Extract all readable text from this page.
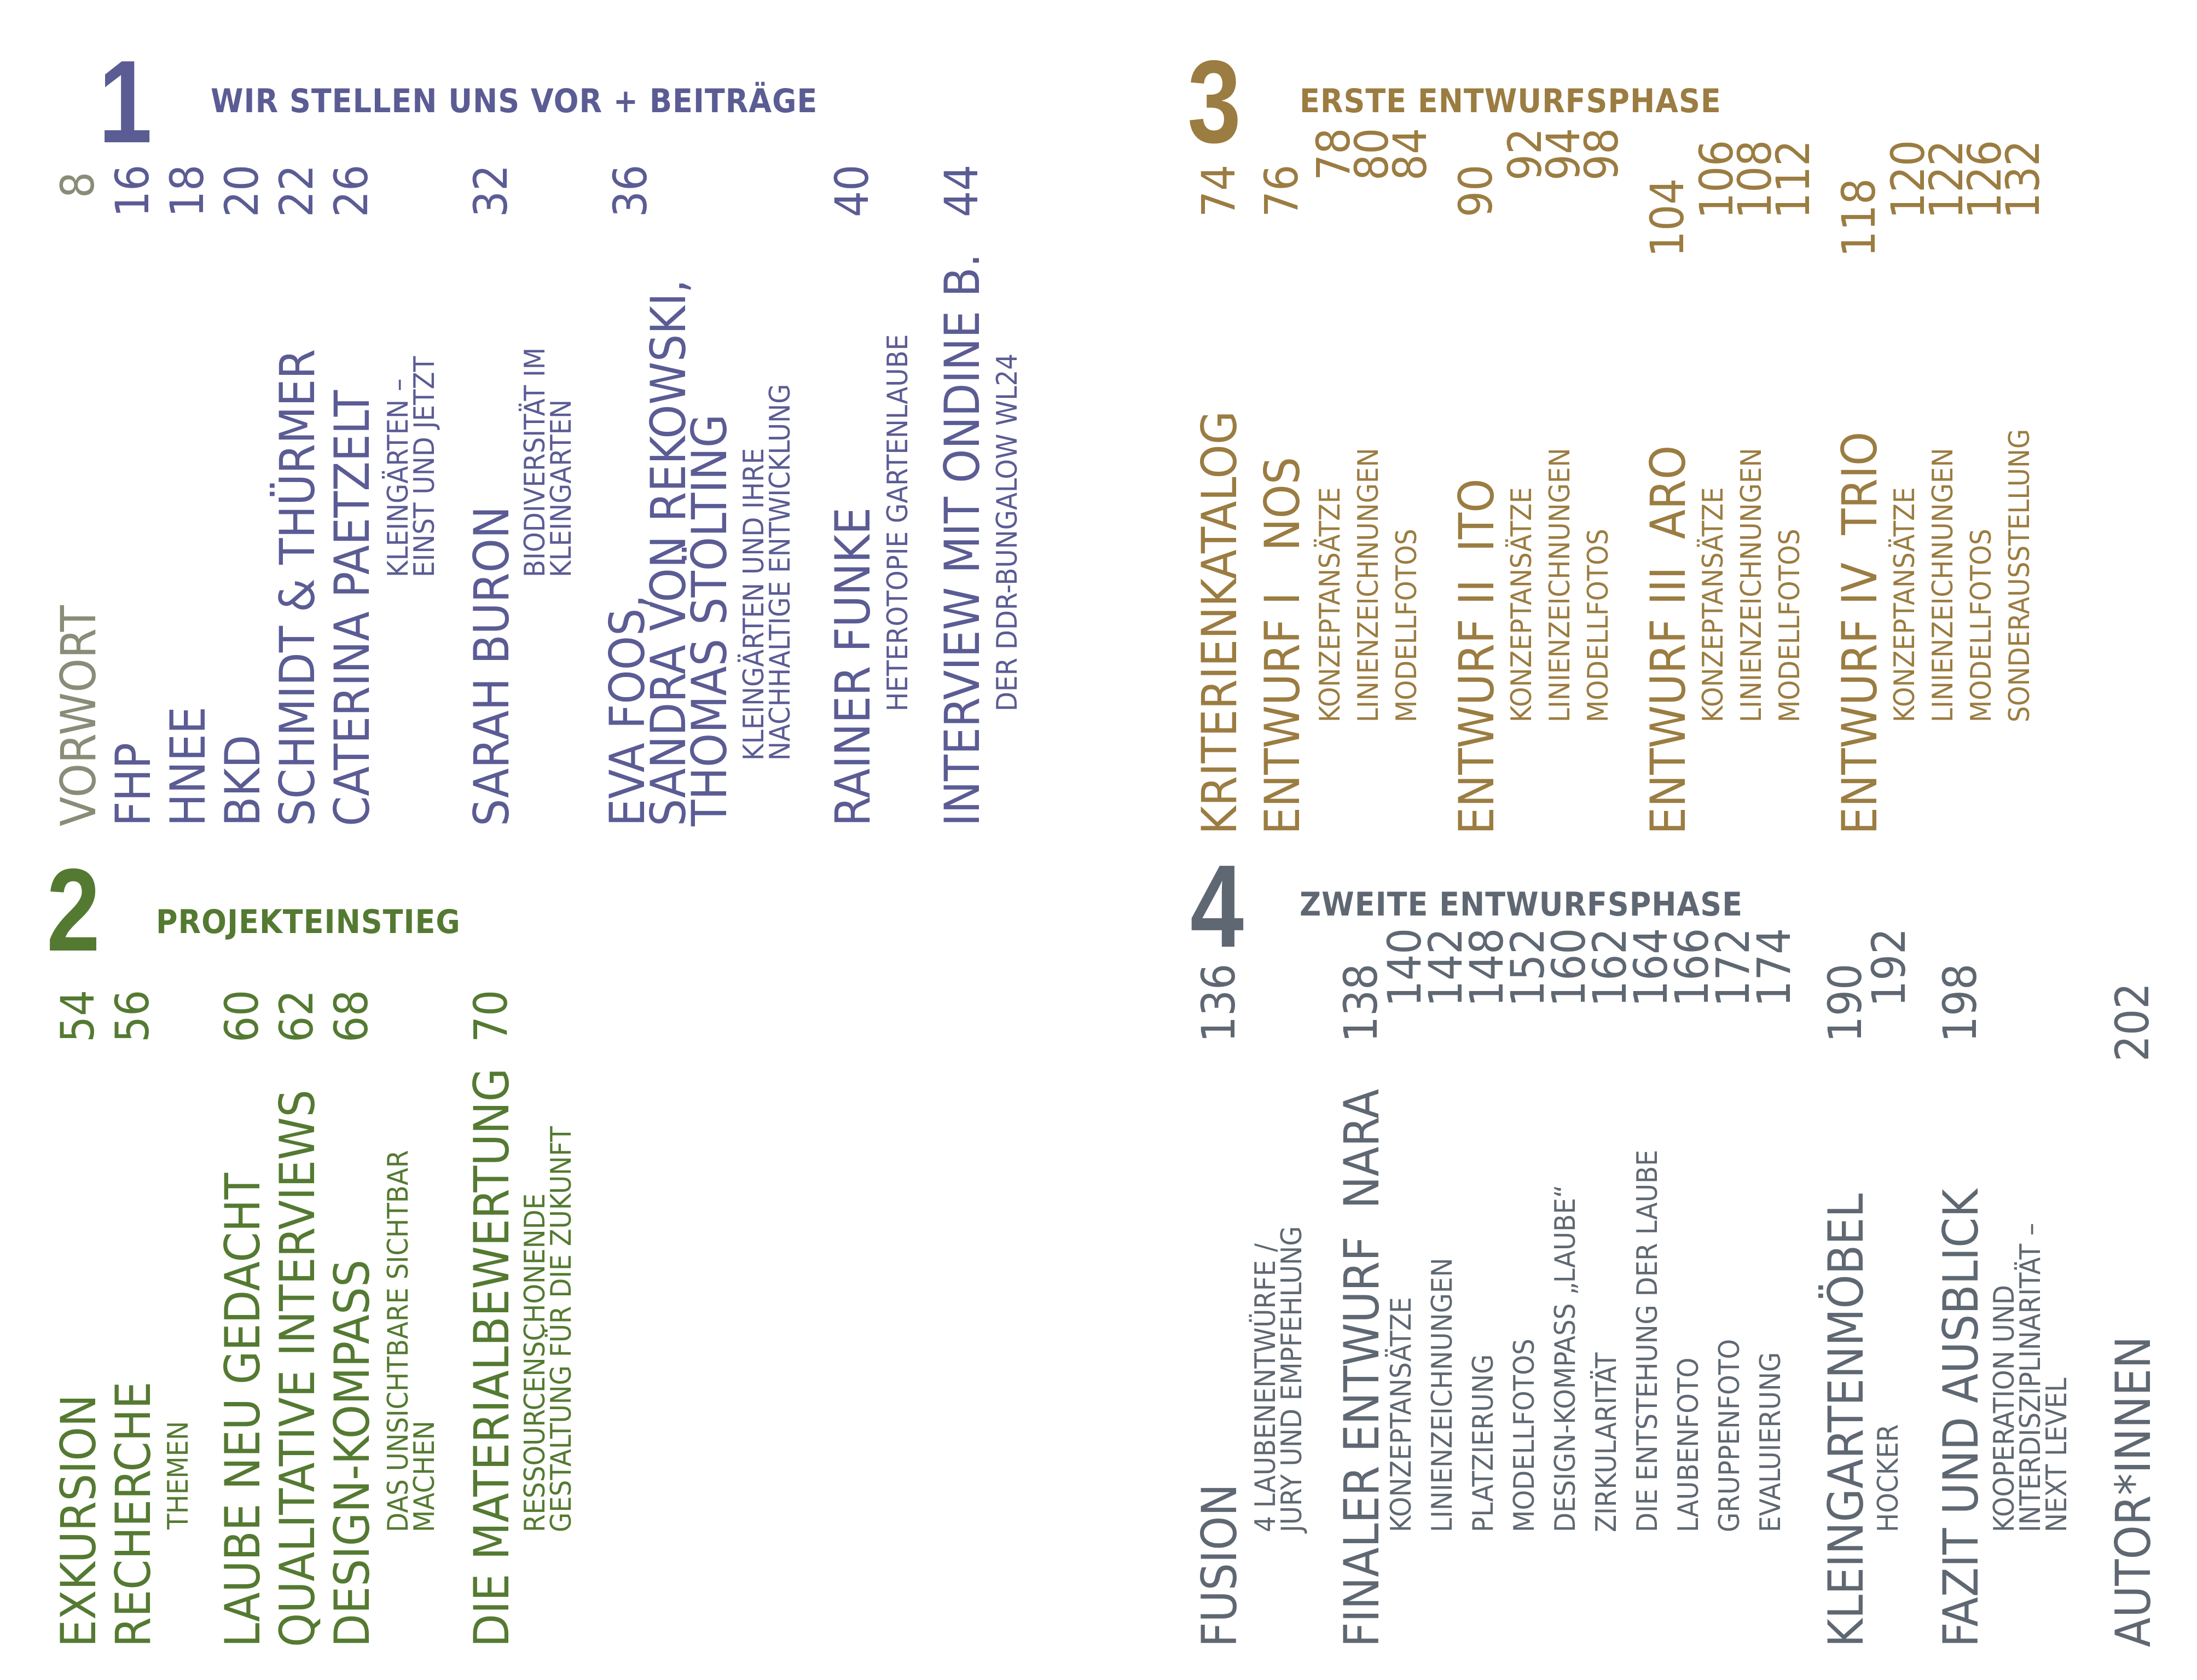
1 WIR STELLEN UNS VOR + BEITRÄGE
8 16 18 20 22 26 32 36	40 44
VORWORT
FHP
HNEE
BKD
SCHMIDT & THÜRMER
CATERINA PAETZELT KLEINGÄRTEN –
EINST UND JETZT
SARAH BURON
BIODIVERSITÄT IM
KLEINGARTEN
EVA FOOS,
SANDRA VON REKOWSKI,
THOMAS STÖLTING KLEINGÄRTEN UND IHRE
NACHHALTIGE ENTWICKLUNG RAINER FUNKE HETEROTOPIE GARTENLAUBE INTERVIEW MIT ONDINE B. DER DDR-BUNGALOW WL24
2 PROJEKTEINSTIEG
54 56 60 62 68 70
EXKURSION
RECHERCHE THEMEN LAUBE NEU GEDACHT
QUALITATIVE INTERVIEWS
DESIGN-KOMPASS DAS UNSICHTBARE SICHTBAR
MACHEN DIE MATERIALBEWERTUNG
RESSOURCENSCHONENDE
GESTALTUNG FÜR DIE ZUKUNFT
3 ERSTE ENTWURFSPHASE
74 76
78
80
84
90
92
94
98
104
106
108
112 118
120
122
126
132
KRITERIENKATALOG ENTWURF I   NOS KONZEPTANSÄTZE LINIENZEICHNUNGEN MODELLFOTOS ENTWURF II  ITO KONZEPTANSÄTZE LINIENZEICHNUNGEN MODELLFOTOS ENTWURF III  ARO KONZEPTANSÄTZE LINIENZEICHNUNGEN MODELLFOTOS ENTWURF IV  TRIO KONZEPTANSÄTZE LINIENZEICHNUNGEN MODELLFOTOS SONDERAUSSTELLUNG
4 ZWEITE ENTWURFSPHASE
136 138
140
142
148
152
160
162
164
166
172
174 190
192 198	202
FUSION
4 LAUBENENTWÜRFE /
JURY UND EMPFEHLUNG FINALER ENTWURF  NARA
KONZEPTANSÄTZE LINIENZEICHNUNGEN PLATZIERUNG MODELLFOTOS DESIGN-KOMPASS „LAUBE“ ZIRKULARITÄT DIE ENTSTEHUNG DER LAUBE LAUBENFOTO GRUPPENFOTO EVALUIERUNG KLEINGARTENMÖBEL
HOCKER FAZIT UND AUSBLICK
KOOPERATION UND
INTERDISZIPLINARITÄT –
NEXT LEVEL AUTOR*INNEN
